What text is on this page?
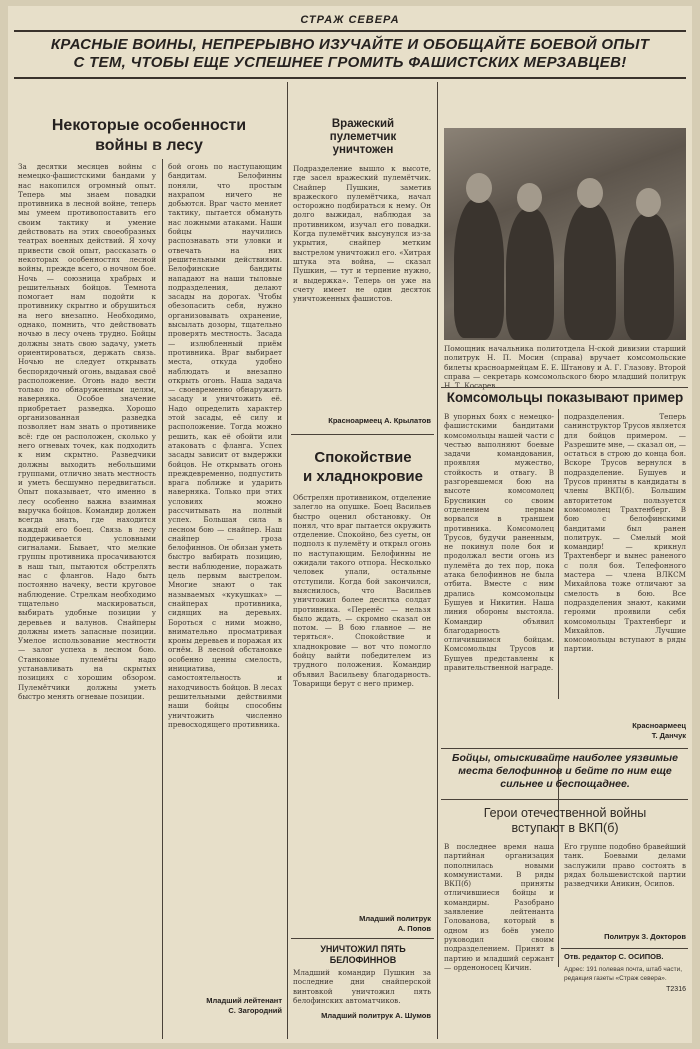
СТРАЖ СЕВЕРА
КРАСНЫЕ ВОИНЫ, НЕПРЕРЫВНО ИЗУЧАЙТЕ И ОБОБЩАЙТЕ БОЕВОЙ ОПЫТ
С ТЕМ, ЧТОБЫ ЕЩЕ УСПЕШНЕЕ ГРОМИТЬ ФАШИСТСКИХ МЕРЗАВЦЕВ!
Некоторые особенности
войны в лесу
За десятки месяцев войны с немецко-фашистскими бандами у нас накопился огромный опыт. Теперь мы знаем повадки противника в лесной войне, теперь мы умеем противопоставить его своим тактику и умение действовать на этих своеобразных театрах военных действий. Я хочу привести свой опыт, рассказать о некоторых особенностях лесной войны, прежде всего, о ночном бое. Ночь — союзница храбрых и решительных бойцов. Темнота помогает нам подойти к противнику скрытно и обрушиться на него внезапно. Необходимо, однако, помнить, что действовать ночью в лесу очень трудно. Бойцы должны знать свою задачу, уметь ориентироваться, держать связь. Ночью не следует открывать беспорядочный огонь, выдавая своё расположение. Огонь надо вести только по обнаруженным целям, наверняка. Особое значение приобретает разведка. Хорошо организованная разведка позволяет нам знать о противнике всё: где он расположен, сколько у него огневых точек, как подходить к ним скрытно. Разведчики должны выходить небольшими группами, отлично знать местность и уметь бесшумно передвигаться. Опыт показывает, что именно в лесу особенно важна взаимная выручка бойцов. Командир должен всегда знать, где находится каждый его боец. Связь в лесу поддерживается условными сигналами. Бывает, что мелкие группы противника просачиваются в наш тыл, пытаются обстрелять нас с флангов. Надо быть постоянно начеку, вести круговое наблюдение. Стрелкам необходимо тщательно маскироваться, выбирать удобные позиции у деревьев и валунов. Снайперы должны иметь запасные позиции. Умелое использование местности — залог успеха в лесном бою. Станковые пулемёты надо устанавливать на скрытых позициях с хорошим обзором. Пулемётчики должны уметь быстро менять огневые позиции.
бой огонь по наступающим бандитам. Белофинны поняли, что простым нахрапом ничего не добьются. Враг часто меняет тактику, пытается обмануть нас ложными атаками. Наши бойцы научились распознавать эти уловки и отвечать на них решительными действиями. Белофинские бандиты нападают на наши тыловые подразделения, делают засады на дорогах. Чтобы обезопасить себя, нужно организовывать охранение, высылать дозоры, тщательно проверять местность. Засада — излюбленный приём противника. Враг выбирает места, откуда удобно наблюдать и внезапно открыть огонь. Наша задача — своевременно обнаружить засаду и уничтожить её. Надо определить характер этой засады, её силу и расположение. Тогда можно решить, как её обойти или атаковать с фланга. Успех засады зависит от выдержки бойцов. Не открывать огонь преждевременно, подпустить врага поближе и ударить наверняка. Только при этих условиях можно рассчитывать на полный успех. Большая сила в лесном бою — снайпер. Наш снайпер — гроза белофиннов. Он обязан уметь быстро выбирать позицию, вести наблюдение, поражать цель первым выстрелом. Многие знают о так называемых «кукушках» — снайперах противника, сидящих на деревьях. Бороться с ними можно, внимательно просматривая кроны деревьев и поражая их огнём. В лесной обстановке особенно ценны смелость, инициатива, самостоятельность и находчивость бойцов. В лесах решительными действиями наши бойцы способны уничтожить численно превосходящего противника.
Младший лейтенант
С. Загородний
Вражеский
пулеметчик
уничтожен
Подразделение вышло к высоте, где засел вражеский пулемётчик. Снайпер Пушкин, заметив вражеского пулемётчика, начал осторожно подбираться к нему. Он долго выжидал, наблюдая за противником, изучал его повадки. Когда пулемётчик высунулся из-за укрытия, снайпер метким выстрелом уничтожил его. «Хитрая штука эта война, — сказал Пушкин, — тут и терпение нужно, и выдержка». Теперь он уже на счету имеет не один десяток уничтоженных фашистов.
Красноармеец А. Крылатов
Спокойствие
и хладнокровие
Обстрелян противником, отделение залегло на опушке. Боец Васильев быстро оценил обстановку. Он понял, что враг пытается окружить отделение. Спокойно, без суеты, он подполз к пулемёту и открыл огонь по наступающим. Белофинны не ожидали такого отпора. Несколько человек упали, остальные отступили. Когда бой закончился, выяснилось, что Васильев уничтожил более десятка солдат противника. «Перенёс — нельзя было ждать, — скромно сказал он потом. — В бою главное — не теряться». Спокойствие и хладнокровие — вот что помогло бойцу выйти победителем из трудного положения. Командир объявил Васильеву благодарность. Товарищи берут с него пример.
Младший политрук
А. Попов
УНИЧТОЖИЛ ПЯТЬ БЕЛОФИННОВ
Младший командир Пушкин за последние дни снайперской винтовкой уничтожил пять белофинских автоматчиков.
Младший политрук А. Шумов
Помощник начальника политотдела Н-ской дивизии старший политрук Н. П. Мосин (справа) вручает комсомольские билеты красноармейцам Е. Е. Штанову и А. Г. Глазову. Второй справа — секретарь комсомольского бюро младший политрук Н. Т. Косарев.
Комсомольцы показывают пример
В упорных боях с немецко-фашистскими бандитами комсомольцы нашей части с честью выполняют боевые задачи командования, проявляя мужество, стойкость и отвагу. В разгоревшемся бою на высоте комсомолец Брусникин со своим отделением первым ворвался в траншеи противника. Комсомолец Трусов, будучи раненным, не покинул поле боя и продолжал вести огонь из пулемёта до тех пор, пока атака белофиннов не была отбита. Вместе с ним дрались комсомольцы Бушуев и Никитин. Наша линия обороны выстояла. Командир объявил благодарность отличившимся бойцам. Комсомольцы Трусов и Бушуев представлены к правительственной награде.
подразделения. Теперь санинструктор Трусов является для бойцов примером. — Разрешите мне, — сказал он, — остаться в строю до конца боя. Вскоре Трусов вернулся в подразделение. Бушуев и Трусов приняты в кандидаты в члены ВКП(б). Большим авторитетом пользуется комсомолец Трахтенберг. В бою с белофинскими бандитами был ранен политрук. — Смелый мой командир! — крикнул Трахтенберг и вынес раненого с поля боя. Телефонного мастера — члена ВЛКСМ Михайлова тоже отличают за смелость в бою. Все подразделения знают, какими героями проявили себя комсомольцы Трахтенберг и Михайлов. Лучшие комсомольцы вступают в ряды партии.
Красноармеец
Т. Данчук
Бойцы, отыскивайте наиболее уязвимые места белофиннов и бейте по ним еще сильнее и беспощаднее.
Герои отечественной войны
вступают в ВКП(б)
В последнее время наша партийная организация пополнилась новыми коммунистами. В ряды ВКП(б) приняты отличившиеся бойцы и командиры. Разобрано заявление лейтенанта Голованова, который в одном из боёв умело руководил своим подразделением. Принят в партию и младший сержант — орденоносец Кичин.
Его группе подобно бравейший танк. Боевыми делами заслужили право состоять в рядах большевистской партии разведчики Аникин, Осипов.
Политрук З. Докторов
Отв. редактор С. ОСИПОВ.
Адрес: 191 полевая почта, штаб части, редакция газеты «Страж севера».
Т2316
